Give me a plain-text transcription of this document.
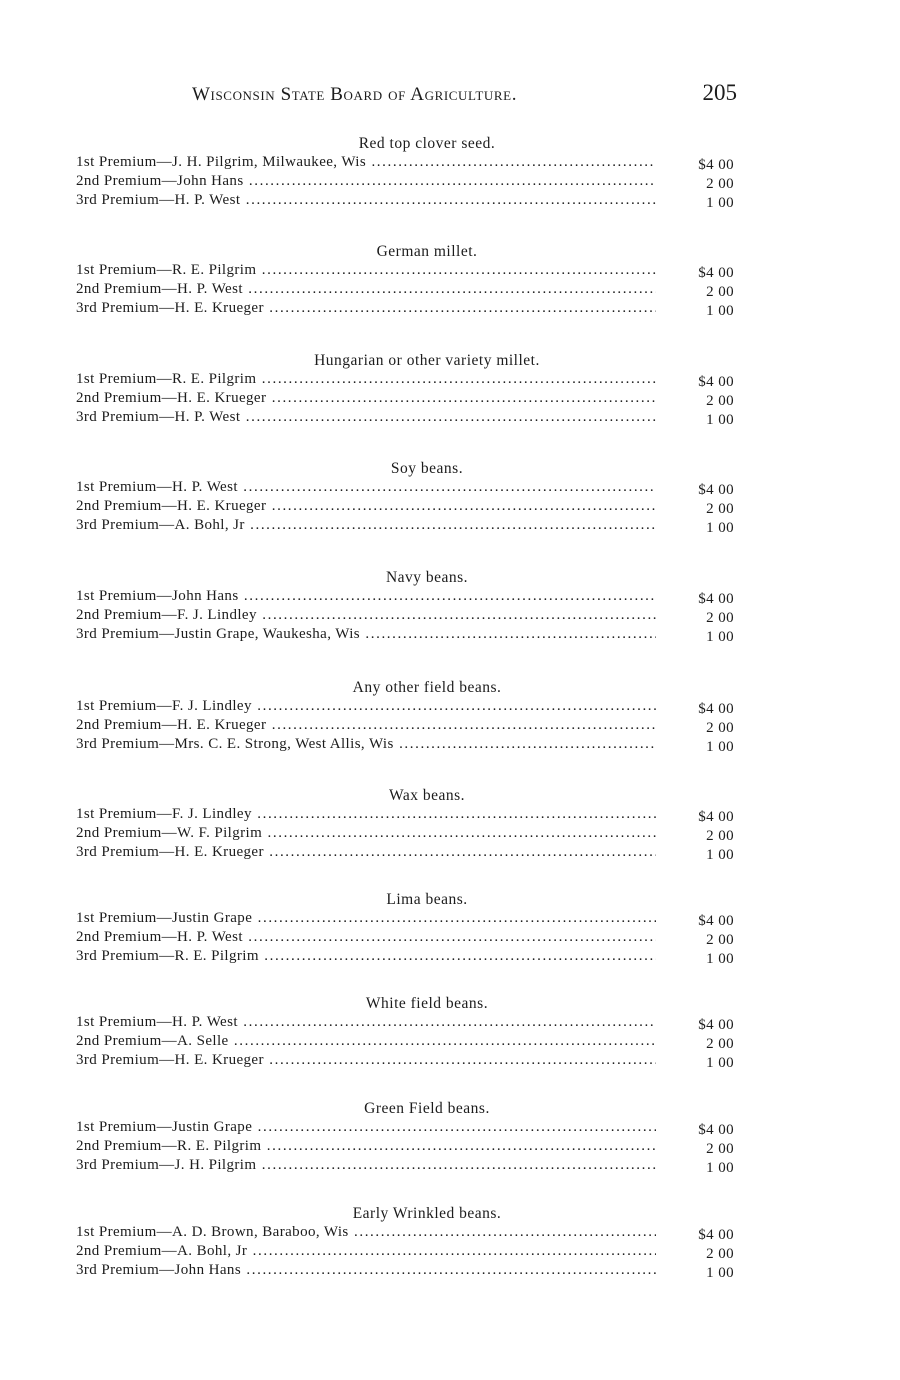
Wisconsin State Board of Agriculture.	205
Red top clover seed.
1st Premium—J. H. Pilgrim, Milwaukee, Wis .....	$4 00
2nd Premium—John Hans .....	2 00
3rd Premium—H. P. West .....	1 00
German millet.
1st Premium—R. E. Pilgrim .....	$4 00
2nd Premium—H. P. West .....	2 00
3rd Premium—H. E. Krueger .....	1 00
Hungarian or other variety millet.
1st Premium—R. E. Pilgrim .....	$4 00
2nd Premium—H. E. Krueger .....	2 00
3rd Premium—H. P. West .....	1 00
Soy beans.
1st Premium—H. P. West .....	$4 00
2nd Premium—H. E. Krueger .....	2 00
3rd Premium—A. Bohl, Jr .....	1 00
Navy beans.
1st Premium—John Hans .....	$4 00
2nd Premium—F. J. Lindley .....	2 00
3rd Premium—Justin Grape, Waukesha, Wis .....	1 00
Any other field beans.
1st Premium—F. J. Lindley .....	$4 00
2nd Premium—H. E. Krueger .....	2 00
3rd Premium—Mrs. C. E. Strong, West Allis, Wis .....	1 00
Wax beans.
1st Premium—F. J. Lindley .....	$4 00
2nd Premium—W. F. Pilgrim .....	2 00
3rd Premium—H. E. Krueger .....	1 00
Lima beans.
1st Premium—Justin Grape .....	$4 00
2nd Premium—H. P. West .....	2 00
3rd Premium—R. E. Pilgrim .....	1 00
White field beans.
1st Premium—H. P. West .....	$4 00
2nd Premium—A. Selle .....	2 00
3rd Premium—H. E. Krueger .....	1 00
Green Field beans.
1st Premium—Justin Grape .....	$4 00
2nd Premium—R. E. Pilgrim .....	2 00
3rd Premium—J. H. Pilgrim .....	1 00
Early Wrinkled beans.
1st Premium—A. D. Brown, Baraboo, Wis .....	$4 00
2nd Premium—A. Bohl, Jr .....	2 00
3rd Premium—John Hans .....	1 00
